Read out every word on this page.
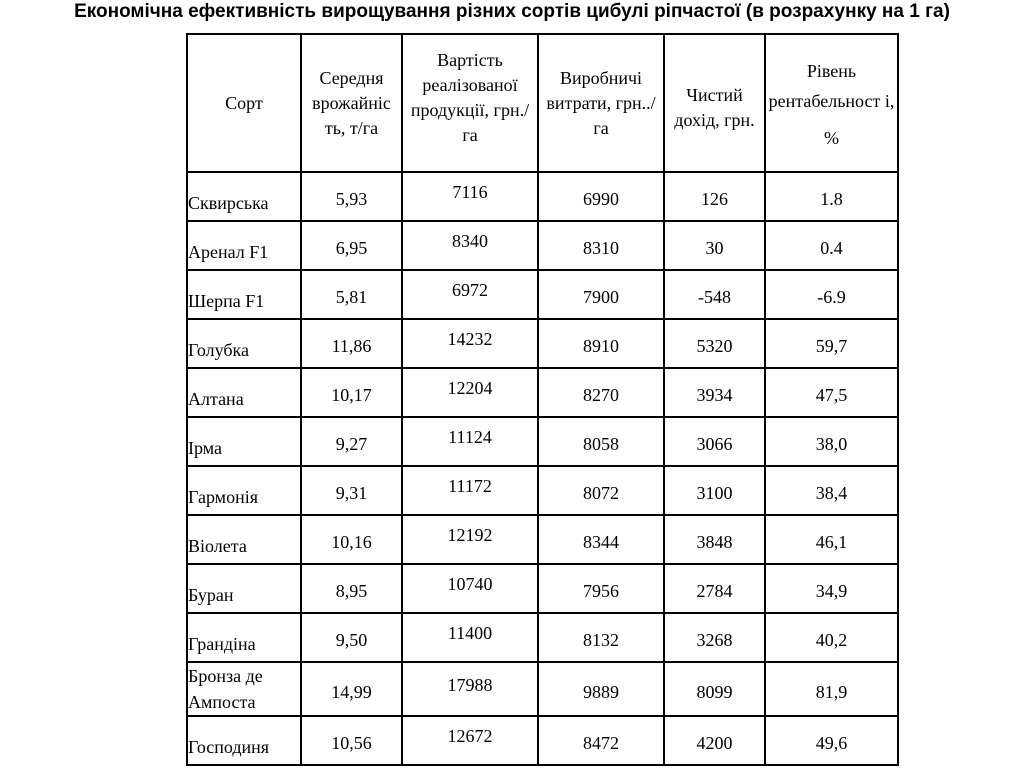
Економічна ефективність вирощування різних сортів цибулі ріпчастої (в розрахунку на 1 га)
Сорт	Середня врожайніс ть, т/га	Вартість реалізованої продукції, грн./га	Виробничі витрати, грн../га	Чистий дохід, грн.	Рівень рентабельност і,
%

Сквирська	5,93	7116	6990	126	1.8

Аренал F1	6,95	8340	8310	30	0.4

Шерпа F1	5,81	6972	7900	-548	-6.9

Голубка	11,86	14232	8910	5320	59,7

Алтана	10,17	12204	8270	3934	47,5

Ірма	9,27	11124	8058	3066	38,0

Гармонія	9,31	11172	8072	3100	38,4

Віолета	10,16	12192	8344	3848	46,1

Буран	8,95	10740	7956	2784	34,9

Грандіна	9,50	11400	8132	3268	40,2

Бронза де Ампоста	14,99	17988	9889	8099	81,9

Господиня	10,56	12672	8472	4200	49,6
